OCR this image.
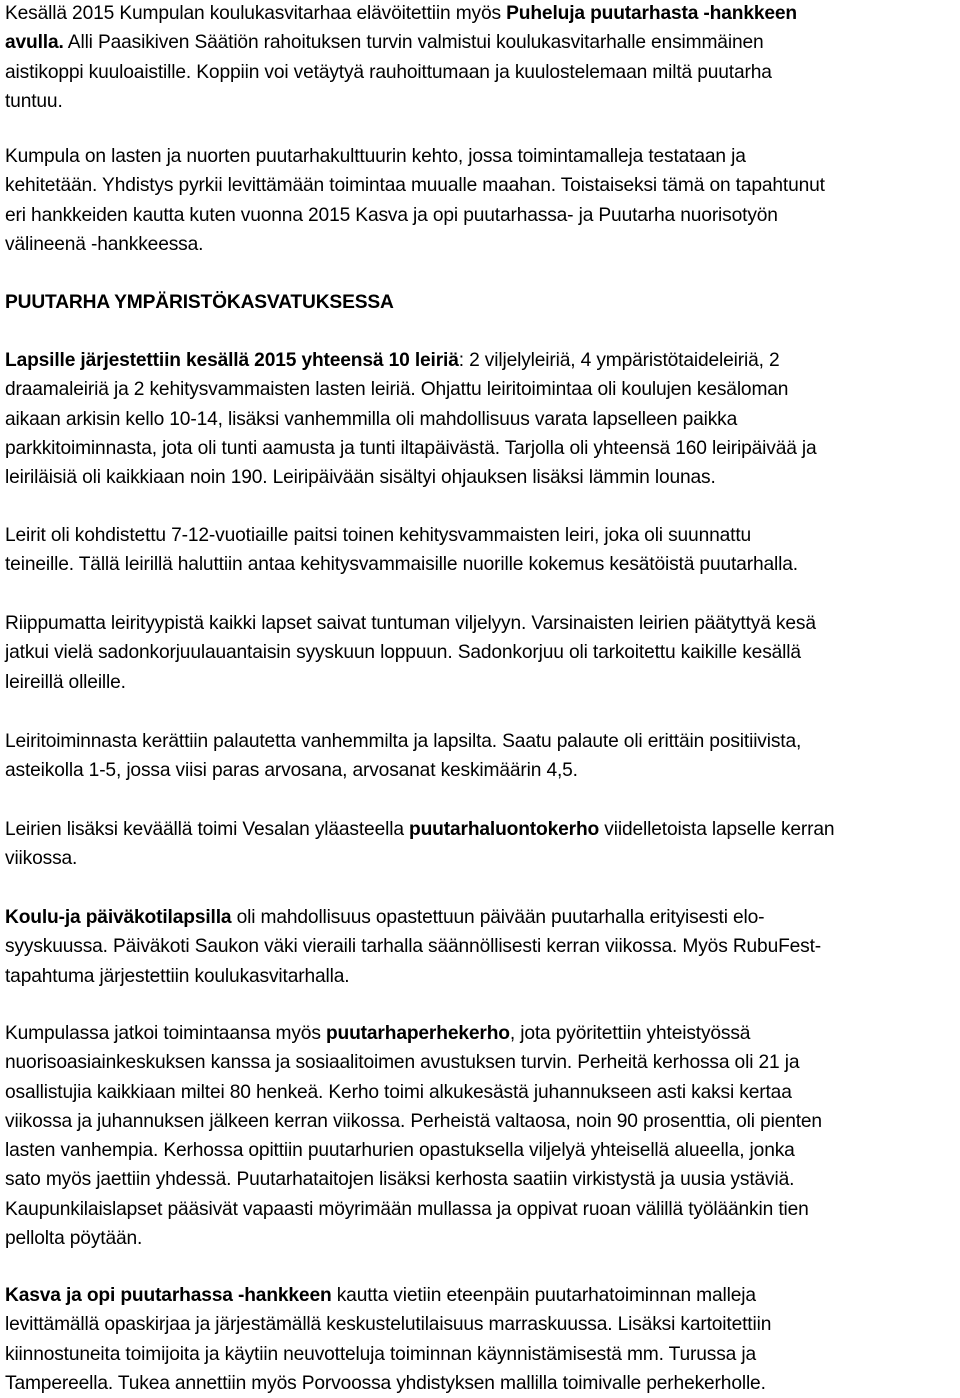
Kesällä 2015 Kumpulan koulukasvitarhaa elävöitettiin myös Puheluja puutarhasta -hankkeen
avulla. Alli Paasikiven Säätiön rahoituksen turvin valmistui koulukasvitarhalle ensimmäinen
aistikoppi kuuloaistille. Koppiin voi vetäytyä rauhoittumaan ja kuulostelemaan miltä puutarha
tuntuu.

Kumpula on lasten ja nuorten puutarhakulttuurin kehto, jossa toimintamalleja testataan ja
kehitetään. Yhdistys pyrkii levittämään toimintaa muualle maahan. Toistaiseksi tämä on tapahtunut
eri hankkeiden kautta kuten vuonna 2015 Kasva ja opi puutarhassa- ja Puutarha nuorisotyön
välineenä -hankkeessa.

PUUTARHA YMPÄRISTÖKASVATUKSESSA

Lapsille järjestettiin kesällä 2015 yhteensä 10 leiriä: 2 viljelyleiriä, 4 ympäristötaideleiriä, 2
draamaleiriä ja 2 kehitysvammaisten lasten leiriä. Ohjattu leiritoimintaa oli koulujen kesäloman
aikaan arkisin kello 10-14, lisäksi vanhemmilla oli mahdollisuus varata lapselleen paikka
parkkitoiminnasta, jota oli tunti aamusta ja tunti iltapäivästä. Tarjolla oli yhteensä 160 leiripäivää ja
leiriläisiä oli kaikkiaan noin 190. Leiripäivään sisältyi ohjauksen lisäksi lämmin lounas.

Leirit oli kohdistettu 7-12-vuotiaille paitsi toinen kehitysvammaisten leiri, joka oli suunnattu
teineille. Tällä leirillä haluttiin antaa kehitysvammaisille nuorille kokemus kesätöistä puutarhalla.

Riippumatta leirityypistä kaikki lapset saivat tuntuman viljelyyn. Varsinaisten leirien päätyttyä kesä
jatkui vielä sadonkorjuulauantaisin syyskuun loppuun. Sadonkorjuu oli tarkoitettu kaikille kesällä
leireillä olleille.

Leiritoiminnasta kerättiin palautetta vanhemmilta ja lapsilta. Saatu palaute oli erittäin positiivista,
asteikolla 1-5, jossa viisi paras arvosana, arvosanat keskimäärin 4,5.

Leirien lisäksi keväällä toimi Vesalan yläasteella puutarhaluontokerho viidelletoista lapselle kerran
viikossa.

Koulu-ja päiväkotilapsilla oli mahdollisuus opastettuun päivään puutarhalla erityisesti elo-
syyskuussa. Päiväkoti Saukon väki vieraili tarhalla säännöllisesti kerran viikossa. Myös RubuFest-
tapahtuma järjestettiin koulukasvitarhalla.

Kumpulassa jatkoi toimintaansa myös puutarhaperhekerho, jota pyöritettiin yhteistyössä
nuorisoasiainkeskuksen kanssa ja sosiaalitoimen avustuksen turvin. Perheitä kerhossa oli 21 ja
osallistujia kaikkiaan miltei 80 henkeä. Kerho toimi alkukesästä juhannukseen asti kaksi kertaa
viikossa ja juhannuksen jälkeen kerran viikossa. Perheistä valtaosa, noin 90 prosenttia, oli pienten
lasten vanhempia. Kerhossa opittiin puutarhurien opastuksella viljelyä yhteisellä alueella, jonka
sato myös jaettiin yhdessä. Puutarhataitojen lisäksi kerhosta saatiin virkistystä ja uusia ystäviä.
Kaupunkilaislapset pääsivät vapaasti möyrimään mullassa ja oppivat ruoan välillä työläänkin tien
pellolta pöytään.

Kasva ja opi puutarhassa -hankkeen kautta vietiin eteenpäin puutarhatoiminnan malleja
levittämällä opaskirjaa ja järjestämällä keskustelutilaisuus marraskuussa. Lisäksi kartoitettiin
kiinnostuneita toimijoita ja käytiin neuvotteluja toiminnan käynnistämisestä mm. Turussa ja
Tampereella. Tukea annettiin myös Porvoossa yhdistyksen mallilla toimivalle perhekerholle.
